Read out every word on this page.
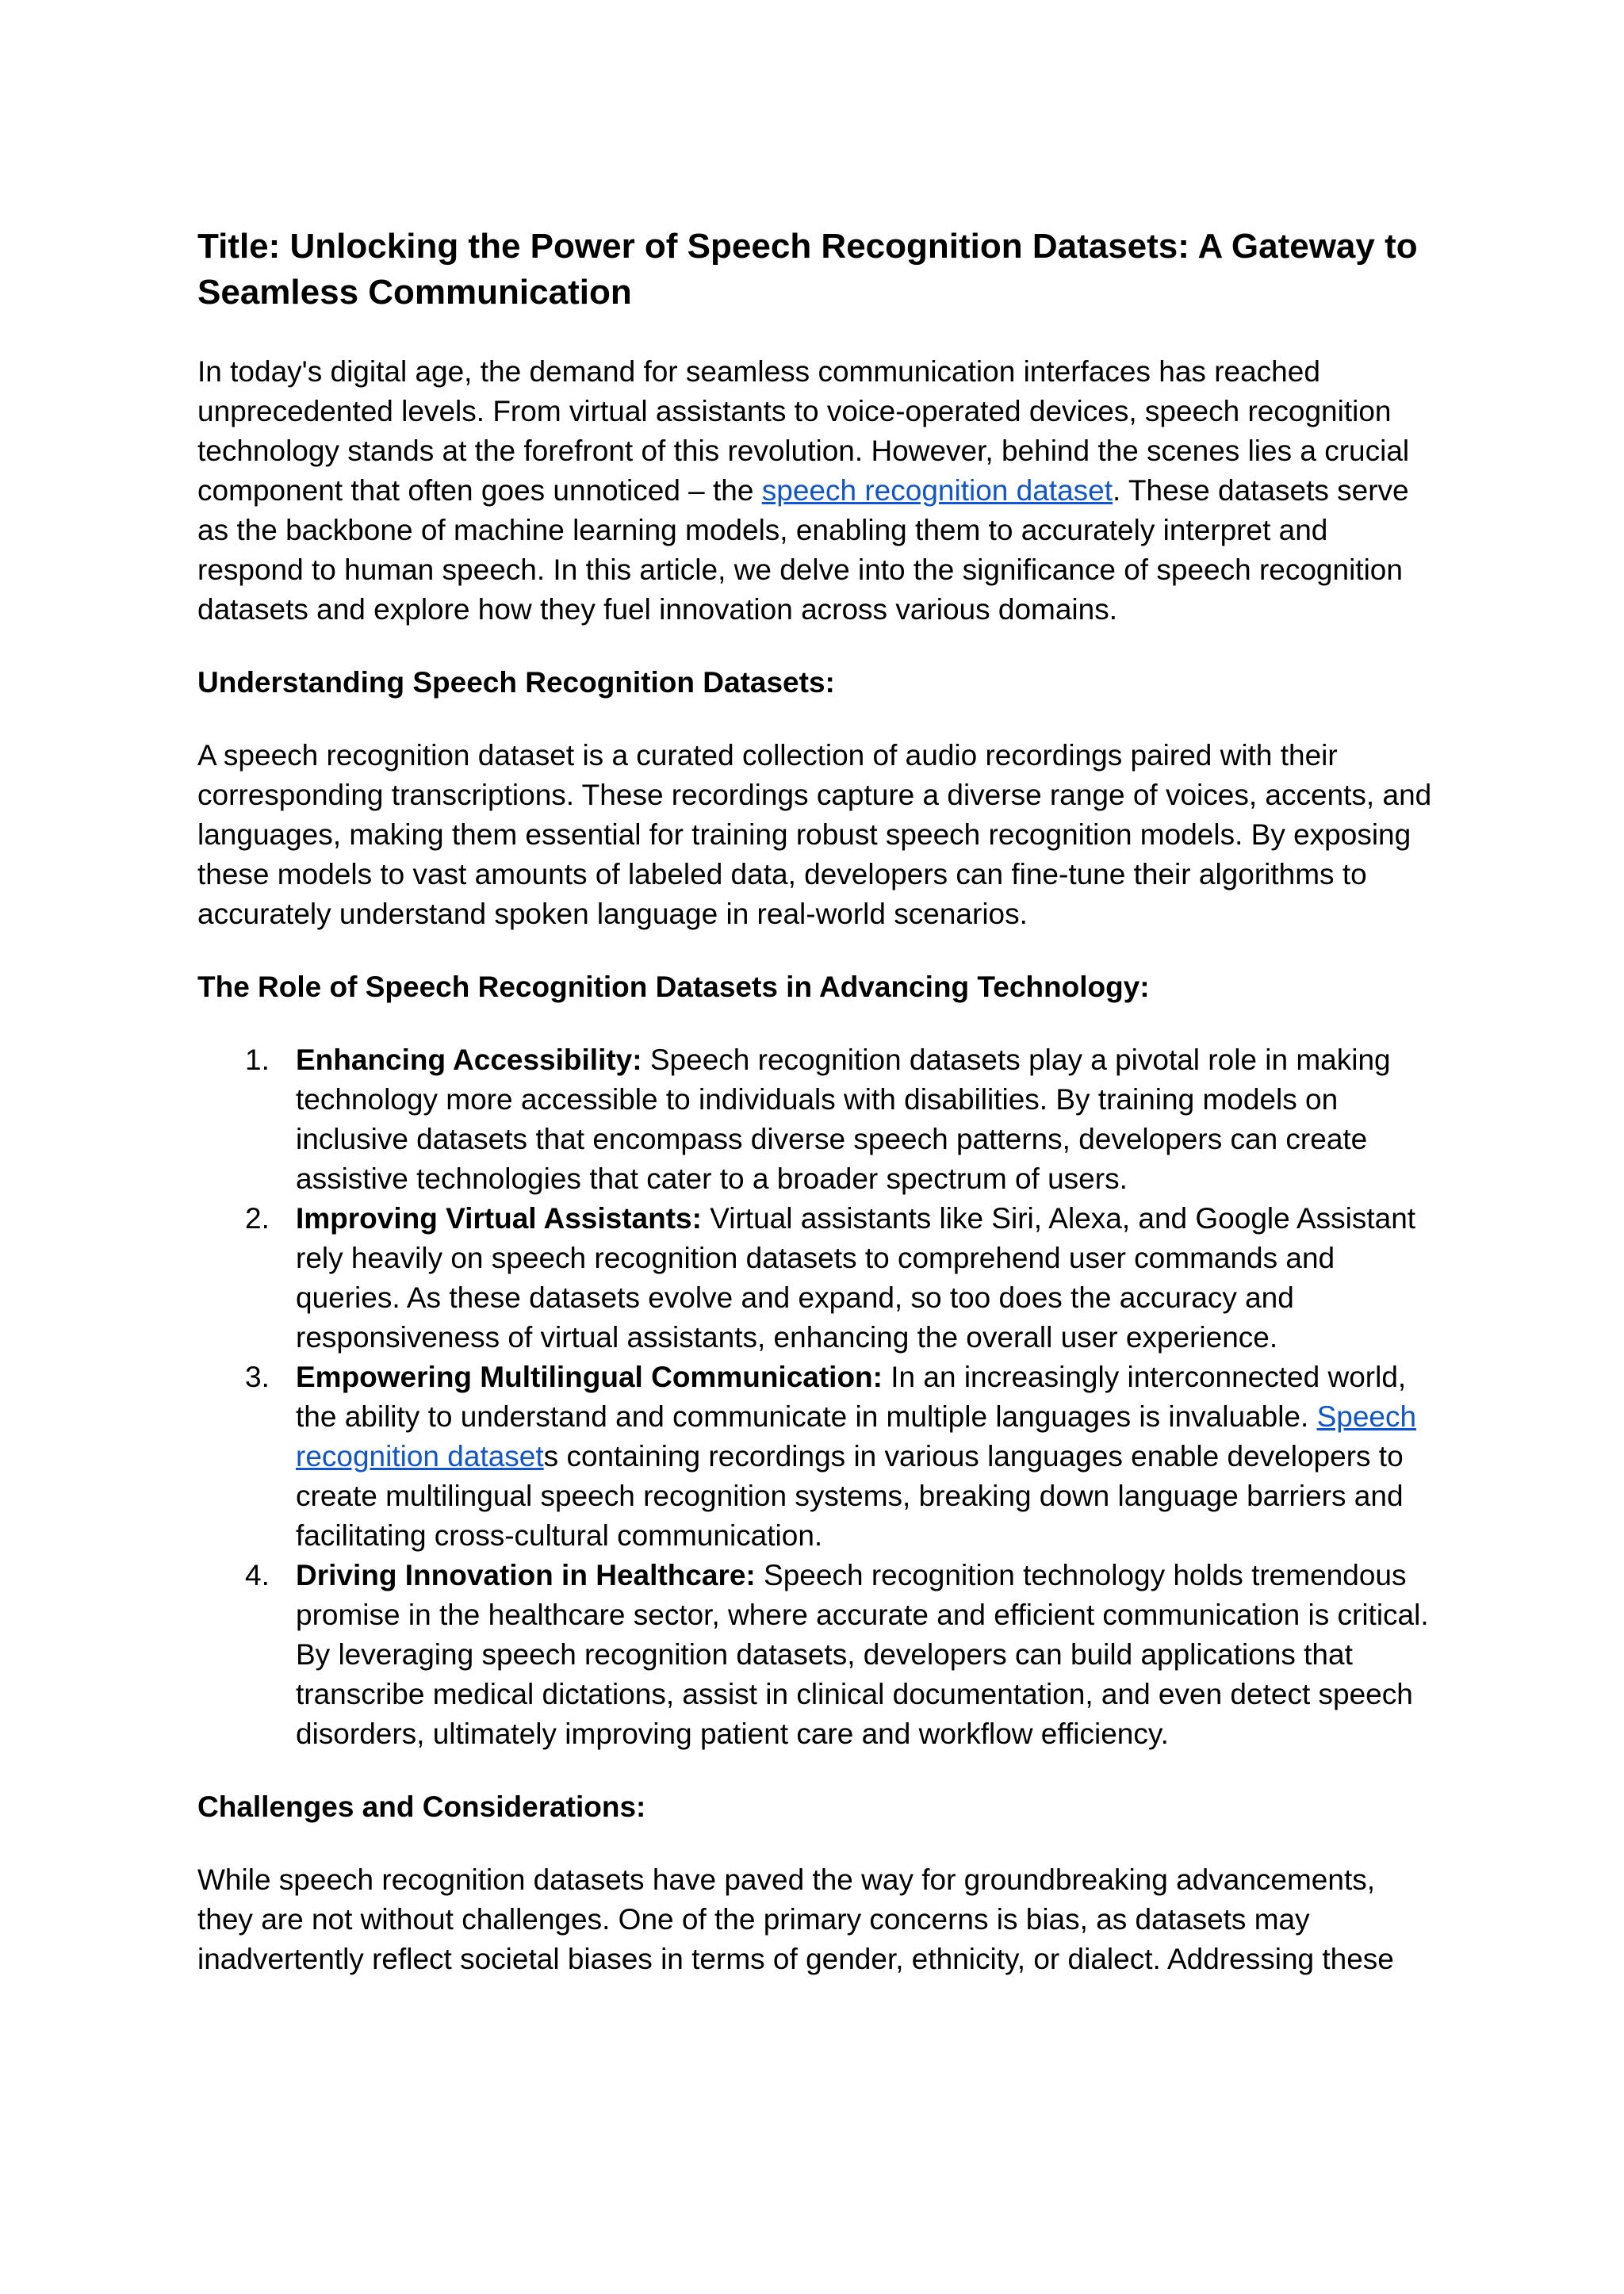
Title: Unlocking the Power of Speech Recognition Datasets: A Gateway to Seamless Communication

In today's digital age, the demand for seamless communication interfaces has reached unprecedented levels. From virtual assistants to voice-operated devices, speech recognition technology stands at the forefront of this revolution. However, behind the scenes lies a crucial component that often goes unnoticed – the speech recognition dataset. These datasets serve as the backbone of machine learning models, enabling them to accurately interpret and respond to human speech. In this article, we delve into the significance of speech recognition datasets and explore how they fuel innovation across various domains.

Understanding Speech Recognition Datasets:

A speech recognition dataset is a curated collection of audio recordings paired with their corresponding transcriptions. These recordings capture a diverse range of voices, accents, and languages, making them essential for training robust speech recognition models. By exposing these models to vast amounts of labeled data, developers can fine-tune their algorithms to accurately understand spoken language in real-world scenarios.

The Role of Speech Recognition Datasets in Advancing Technology:
1. Enhancing Accessibility: Speech recognition datasets play a pivotal role in making technology more accessible to individuals with disabilities. By training models on inclusive datasets that encompass diverse speech patterns, developers can create assistive technologies that cater to a broader spectrum of users.
2. Improving Virtual Assistants: Virtual assistants like Siri, Alexa, and Google Assistant rely heavily on speech recognition datasets to comprehend user commands and queries. As these datasets evolve and expand, so too does the accuracy and responsiveness of virtual assistants, enhancing the overall user experience.
3. Empowering Multilingual Communication: In an increasingly interconnected world, the ability to understand and communicate in multiple languages is invaluable. Speech recognition datasets containing recordings in various languages enable developers to create multilingual speech recognition systems, breaking down language barriers and facilitating cross-cultural communication.
4. Driving Innovation in Healthcare: Speech recognition technology holds tremendous promise in the healthcare sector, where accurate and efficient communication is critical. By leveraging speech recognition datasets, developers can build applications that transcribe medical dictations, assist in clinical documentation, and even detect speech disorders, ultimately improving patient care and workflow efficiency.
Challenges and Considerations:

While speech recognition datasets have paved the way for groundbreaking advancements, they are not without challenges. One of the primary concerns is bias, as datasets may inadvertently reflect societal biases in terms of gender, ethnicity, or dialect. Addressing these
